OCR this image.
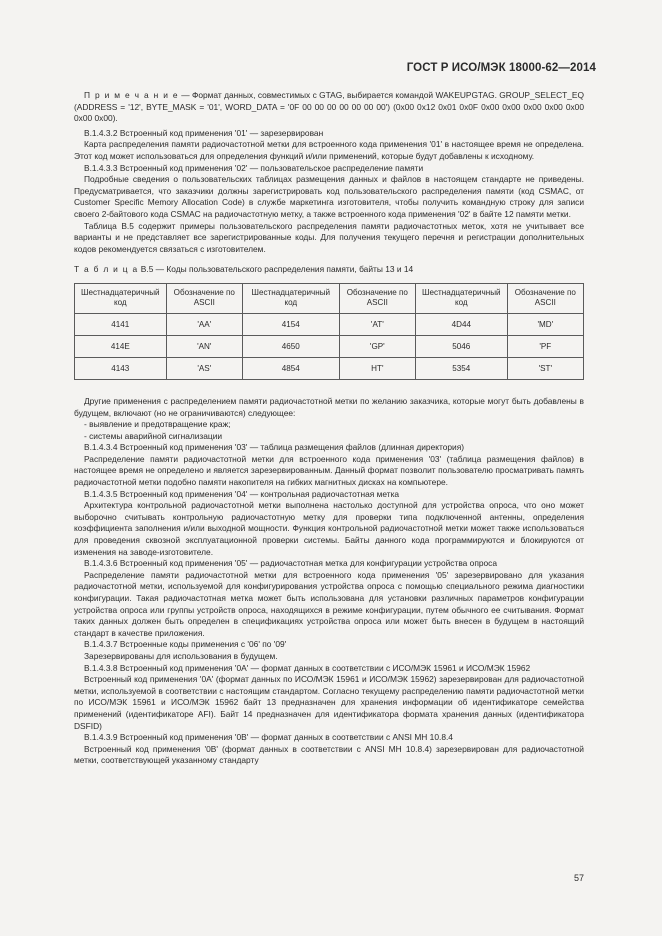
ГОСТ Р ИСО/МЭК 18000-62—2014

П р и м е ч а н и е — Формат данных, совместимых с GTAG, выбирается командой WAKEUPGTAG. GROUP_SELECT_EQ (ADDRESS = '12', BYTE_MASK = '01', WORD_DATA = '0F 00 00 00 00 00 00 00') (0x00 0x12 0x01 0x0F 0x00 0x00 0x00 0x00 0x00 0x00 0x00).

В.1.4.3.2 Встроенный код применения '01' — зарезервирован

Карта распределения памяти радиочастотной метки для встроенного кода применения '01' в настоящее время не определена. Этот код может использоваться для определения функций и/или применений, которые будут добавлены к исходному.

В.1.4.3.3 Встроенный код применения '02' — пользовательское распределение памяти

Подробные сведения о пользовательских таблицах размещения данных и файлов в настоящем стандарте не приведены. Предусматривается, что заказчики должны зарегистрировать код пользовательского распределения памяти (код CSMAC, от Customer Specific Memory Allocation Code) в службе маркетинга изготовителя, чтобы получить командную строку для записи своего 2-байтового кода CSMAC на радиочастотную метку, а также встроенного кода применения '02' в байте 12 памяти метки.

Таблица В.5 содержит примеры пользовательского распределения памяти радиочастотных меток, хотя не учитывает все варианты и не представляет все зарегистрированные коды. Для получения текущего перечня и регистрации дополнительных кодов рекомендуется связаться с изготовителем.

Т а б л и ц а В.5 — Коды пользовательского распределения памяти, байты 13 и 14
Шестнадцатеричный код	Обозначение по ASCII	Шестнадцатеричный код	Обозначение по ASCII	Шестнадцатеричный код	Обозначение по ASCII
4141	'AA'	4154	'AT'	4D44	'MD'
414E	'AN'	4650	'GP'	5046	'PF
4143	'AS'	4854	HT'	5354	'ST'

Другие применения с распределением памяти радиочастотной метки по желанию заказчика, которые могут быть добавлены в будущем, включают (но не ограничиваются) следующее:

- выявление и предотвращение краж;

- системы аварийной сигнализации

В.1.4.3.4 Встроенный код применения '03' — таблица размещения файлов (длинная директория)

Распределение памяти радиочастотной метки для встроенного кода применения '03' (таблица размещения файлов) в настоящее время не определено и является зарезервированным. Данный формат позволит пользователю просматривать память радиочастотной метки подобно памяти накопителя на гибких магнитных дисках на компьютере.

В.1.4.3.5 Встроенный код применения '04' — контрольная радиочастотная метка

Архитектура контрольной радиочастотной метки выполнена настолько доступной для устройства опроса, что оно может выборочно считывать контрольную радиочастотную метку для проверки типа подключенной антенны, определения коэффициента заполнения и/или выходной мощности. Функция контрольной радиочастотной метки может также использоваться для проведения сквозной эксплуатационной проверки системы. Байты данного кода программируются и блокируются от изменения на заводе-изготовителе.

В.1.4.3.6 Встроенный код применения '05' — радиочастотная метка для конфигурации устройства опроса

Распределение памяти радиочастотной метки для встроенного кода применения '05' зарезервировано для указания радиочастотной метки, используемой для конфигурирования устройства опроса с помощью специального режима диагностики конфигурации. Такая радиочастотная метка может быть использована для установки различных параметров конфигурации устройства опроса или группы устройств опроса, находящихся в режиме конфигурации, путем обычного ее считывания. Формат таких данных должен быть определен в спецификациях устройства опроса или может быть внесен в будущем в настоящий стандарт в качестве приложения.

В.1.4.3.7 Встроенные коды применения с '06' по '09'

Зарезервированы для использования в будущем.

В.1.4.3.8 Встроенный код применения '0A' — формат данных в соответствии с ИСО/МЭК 15961 и ИСО/МЭК 15962

Встроенный код применения '0A' (формат данных по ИСО/МЭК 15961 и ИСО/МЭК 15962) зарезервирован для радиочастотной метки, используемой в соответствии с настоящим стандартом. Согласно текущему распределению памяти радиочастотной метки по ИСО/МЭК 15961 и ИСО/МЭК 15962 байт 13 предназначен для хранения информации об идентификаторе семейства применений (идентификаторе AFI). Байт 14 предназначен для идентификатора формата хранения данных (идентификатора DSFID)

В.1.4.3.9 Встроенный код применения '0B' — формат данных в соответствии с ANSI MH 10.8.4

Встроенный код применения '0B' (формат данных в соответствии с ANSI MH 10.8.4) зарезервирован для радиочастотной метки, соответствующей указанному стандарту

57
